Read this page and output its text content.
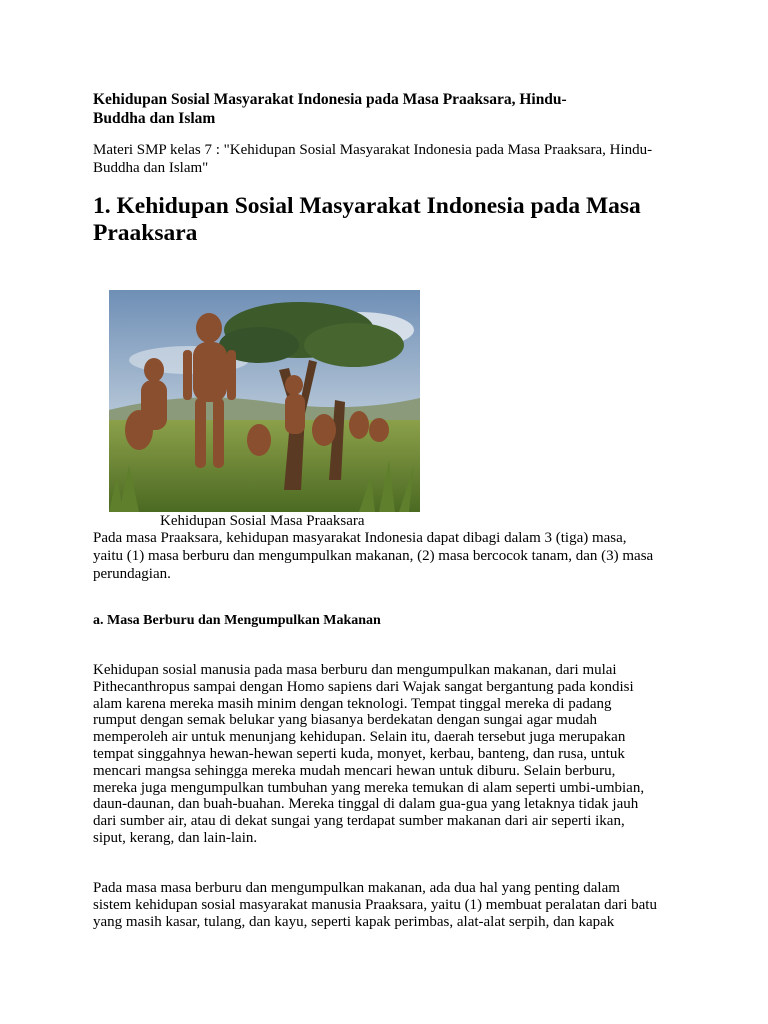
Kehidupan Sosial Masyarakat Indonesia pada Masa Praaksara, Hindu-
Buddha dan Islam

Materi SMP kelas 7 : "Kehidupan Sosial Masyarakat Indonesia pada Masa Praaksara, Hindu-
Buddha dan Islam"

1. Kehidupan Sosial Masyarakat Indonesia pada Masa
Praaksara
Kehidupan Sosial Masa Praaksara

Pada masa Praaksara, kehidupan masyarakat Indonesia dapat dibagi dalam 3 (tiga) masa,
yaitu (1) masa berburu dan mengumpulkan makanan, (2) masa bercocok tanam, dan (3) masa
perundagian.

a. Masa Berburu dan Mengumpulkan Makanan

Kehidupan sosial manusia pada masa berburu dan mengumpulkan makanan, dari mulai
Pithecanthropus sampai dengan Homo sapiens dari Wajak sangat bergantung pada kondisi
alam karena mereka masih minim dengan teknologi. Tempat tinggal mereka di padang
rumput dengan semak belukar yang biasanya berdekatan dengan sungai agar mudah
memperoleh air untuk menunjang kehidupan. Selain itu, daerah tersebut juga merupakan
tempat singgahnya hewan-hewan seperti kuda, monyet, kerbau, banteng, dan rusa, untuk
mencari mangsa sehingga mereka mudah mencari hewan untuk diburu. Selain berburu,
mereka juga mengumpulkan tumbuhan yang mereka temukan di alam seperti umbi-umbian,
daun-daunan, dan buah-buahan. Mereka tinggal di dalam gua-gua yang letaknya tidak jauh
dari sumber air, atau di dekat sungai yang terdapat sumber makanan dari air seperti ikan,
siput, kerang, dan lain-lain.

Pada masa masa berburu dan mengumpulkan makanan, ada dua hal yang penting dalam
sistem kehidupan sosial masyarakat manusia Praaksara, yaitu (1) membuat peralatan dari batu
yang masih kasar, tulang, dan kayu, seperti kapak perimbas, alat-alat serpih, dan kapak
